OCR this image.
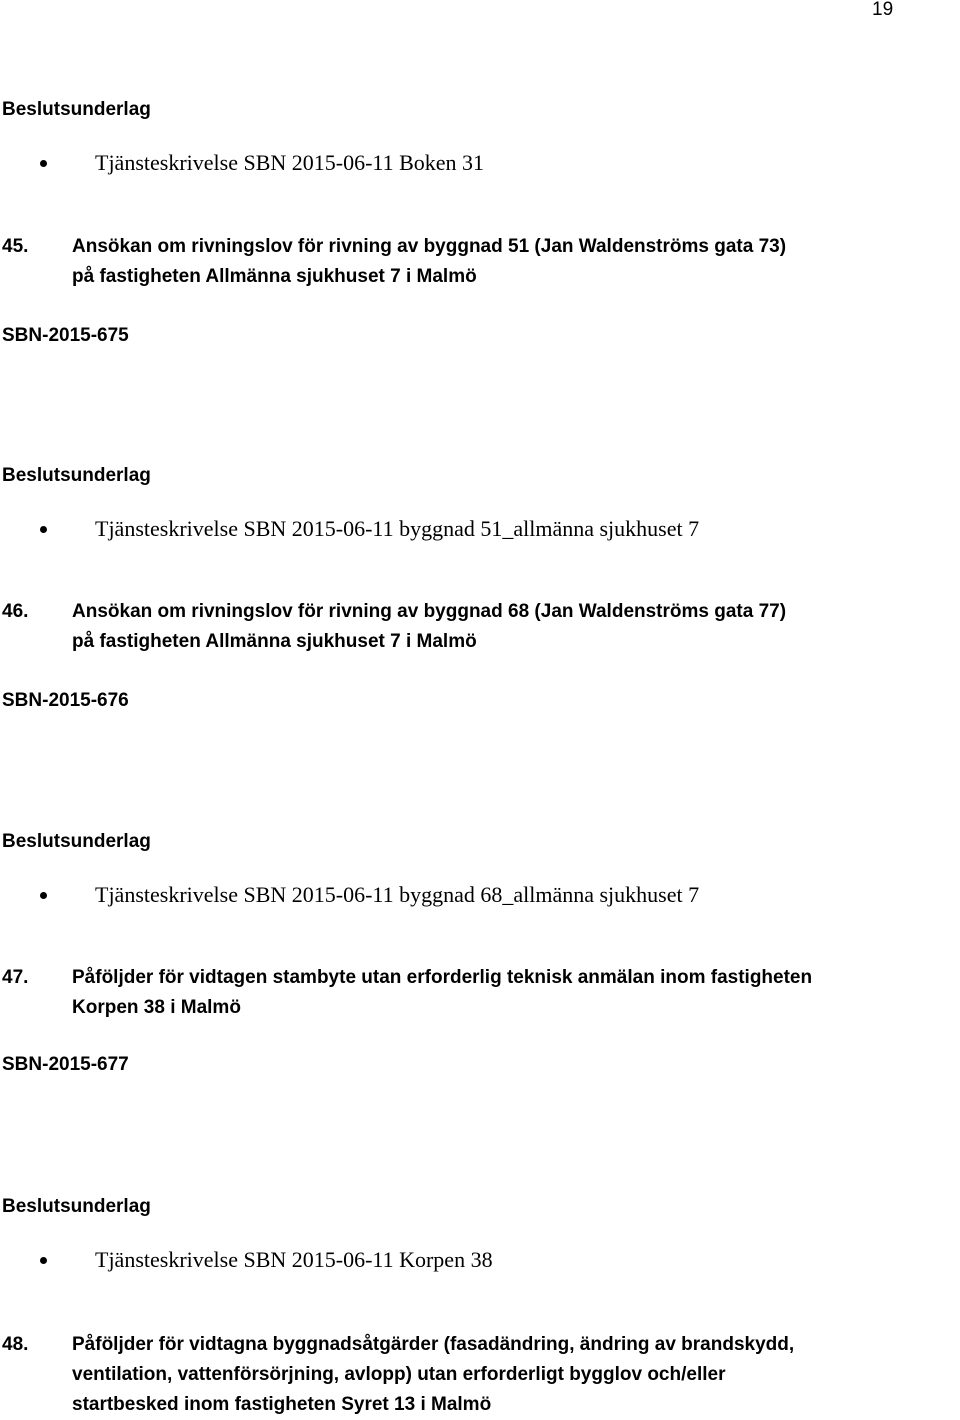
19
Beslutsunderlag
Tjänsteskrivelse SBN 2015-06-11 Boken 31
45. Ansökan om rivningslov för rivning av byggnad 51 (Jan Waldenströms gata 73)
på fastigheten Allmänna sjukhuset 7 i Malmö
SBN-2015-675
Beslutsunderlag
Tjänsteskrivelse SBN 2015-06-11 byggnad 51_allmänna sjukhuset 7
46. Ansökan om rivningslov för rivning av byggnad 68 (Jan Waldenströms gata 77)
på fastigheten Allmänna sjukhuset 7 i Malmö
SBN-2015-676
Beslutsunderlag
Tjänsteskrivelse SBN 2015-06-11 byggnad 68_allmänna sjukhuset 7
47. Påföljder för vidtagen stambyte utan erforderlig teknisk anmälan inom fastigheten
Korpen 38 i Malmö
SBN-2015-677
Beslutsunderlag
Tjänsteskrivelse SBN 2015-06-11 Korpen 38
48. Påföljder för vidtagna byggnadsåtgärder (fasadändring, ändring av brandskydd,
ventilation, vattenförsörjning, avlopp) utan erforderligt bygglov och/eller
startbesked inom fastigheten Syret 13 i Malmö
